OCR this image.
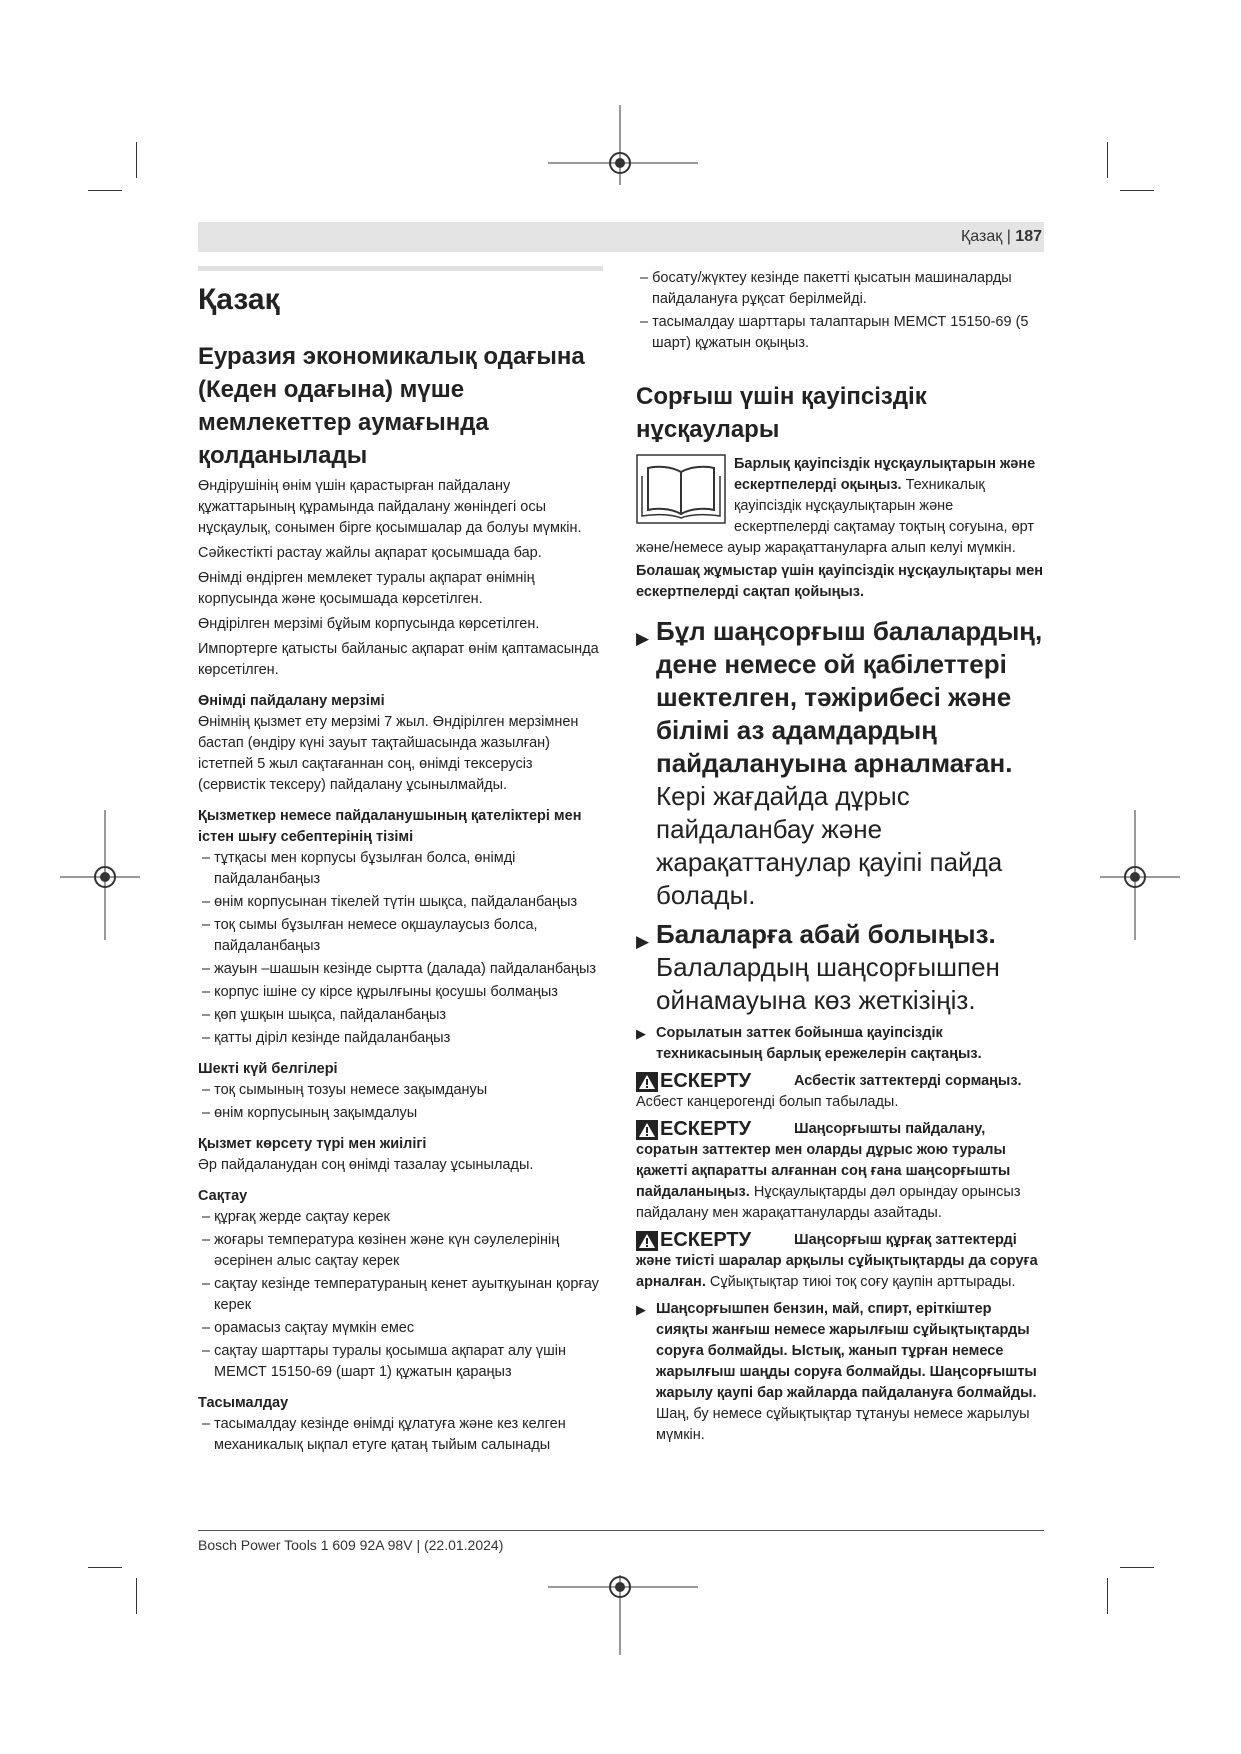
Қазақ | 187
Қазақ
Еуразия экономикалық одағына (Кеден одағына) мүше мемлекеттер аумағында қолданылады

Өндірушінің өнім үшін қарастырған пайдалану құжаттарының құрамында пайдалану жөніндегі осы нұсқаулық, сонымен бірге қосымшалар да болуы мүмкін.

Сәйкестікті растау жайлы ақпарат қосымшада бар.

Өнімді өндірген мемлекет туралы ақпарат өнімнің корпусында және қосымшада көрсетілген.

Өндірілген мерзімі бұйым корпусында көрсетілген.

Импортерге қатысты байланыс ақпарат өнім қаптамасында көрсетілген.

Өнімді пайдалану мерзімі

Өнімнің қызмет ету мерзімі 7 жыл. Өндірілген мерзімнен бастап (өндіру күні зауыт тақтайшасында жазылған) істетпей 5 жыл сақтағаннан соң, өнімді тексерусіз (сервистік тексеру) пайдалану ұсынылмайды.

Қызметкер немесе пайдаланушының қателіктері мен істен шығу себептерінің тізімі
– тұтқасы мен корпусы бұзылған болса, өнімді пайдаланбаңыз
– өнім корпусынан тікелей түтін шықса, пайдаланбаңыз
– тоқ сымы бұзылған немесе оқшаулаусыз болса, пайдаланбаңыз
– жауын –шашын кезінде сыртта (далада) пайдаланбаңыз
– корпус ішіне су кірсе құрылғыны қосушы болмаңыз
– қөп ұшқын шықса, пайдаланбаңыз
– қатты діріл кезінде пайдаланбаңыз
Шекті күй белгілері
– тоқ сымының тозуы немесе зақымдануы
– өнім корпусының зақымдалуы
Қызмет көрсету түрі мен жиілігі

Әр пайдаланудан соң өнімді тазалау ұсынылады.

Сақтау
– құрғақ жерде сақтау керек
– жоғары температура көзінен және күн сәулелерінің әсерінен алыс сақтау керек
– сақтау кезінде температураның кенет ауытқуынан қорғау керек
– орамасыз сақтау мүмкін емес
– сақтау шарттары туралы қосымша ақпарат алу үшін МЕМСТ 15150-69 (шарт 1) құжатын қараңыз
Тасымалдау
– тасымалдау кезінде өнімді құлатуға және кез келген механикалық ықпал етуге қатаң тыйым салынады
– босату/жүктеу кезінде пакетті қысатын машиналарды пайдалануға рұқсат берілмейді.
– тасымалдау шарттары талаптарын МЕМСТ 15150-69 (5 шарт) құжатын оқыңыз.
Сорғыш үшін қауіпсіздік нұсқаулары

Барлық қауіпсіздік нұсқаулықтарын және ескертпелерді оқыңыз. Техникалық қауіпсіздік нұсқаулықтарын және ескертпелерді сақтамау тоқтың соғуына, өрт және/немесе ауыр жарақаттануларға алып келуі мүмкін.

Болашақ жұмыстар үшін қауіпсіздік нұсқаулықтары мен ескертпелерді сақтап қойыңыз.

▶ Бұл шаңсорғыш балалардың, дене немесе ой қабілеттері шектелген, тәжірибесі және білімі аз адамдардың пайдалануына арналмаған. Кері жағдайда дұрыс пайдаланбау және жарақаттанулар қауіпі пайда болады.
▶ Балаларға абай болыңыз. Балалардың шаңсорғышпен ойнамауына көз жеткізіңіз.
▶ Сорылатын заттек бойынша қауіпсіздік техникасының барлық ережелерін сақтаңыз.
ЕСКЕРТУ	Асбестік заттектерді сормаңыз. Асбест канцерогенді болып табылады.
ЕСКЕРТУ	Шаңсорғышты пайдалану, соратын заттектер мен оларды дұрыс жою туралы қажетті ақпаратты алғаннан соң ғана шаңсорғышты пайдаланыңыз. Нұсқаулықтарды дәл орындау орынсыз пайдалану мен жарақаттануларды азайтады.
ЕСКЕРТУ	Шаңсорғыш құрғақ заттектерді және тиісті шаралар арқылы сұйықтықтарды да соруға арналған. Сұйықтықтар тиюі тоқ соғу қаупін арттырады.
▶ Шаңсорғышпен бензин, май, спирт, еріткіштер сияқты жанғыш немесе жарылғыш сұйықтықтарды соруға болмайды. Ыстық, жанып тұрған немесе жарылғыш шаңды соруға болмайды. Шаңсорғышты жарылу қаупі бар жайларда пайдалануға болмайды. Шаң, бу немесе сұйықтықтар тұтануы немесе жарылуы мүмкін.
Bosch Power Tools 1 609 92A 98V | (22.01.2024)
